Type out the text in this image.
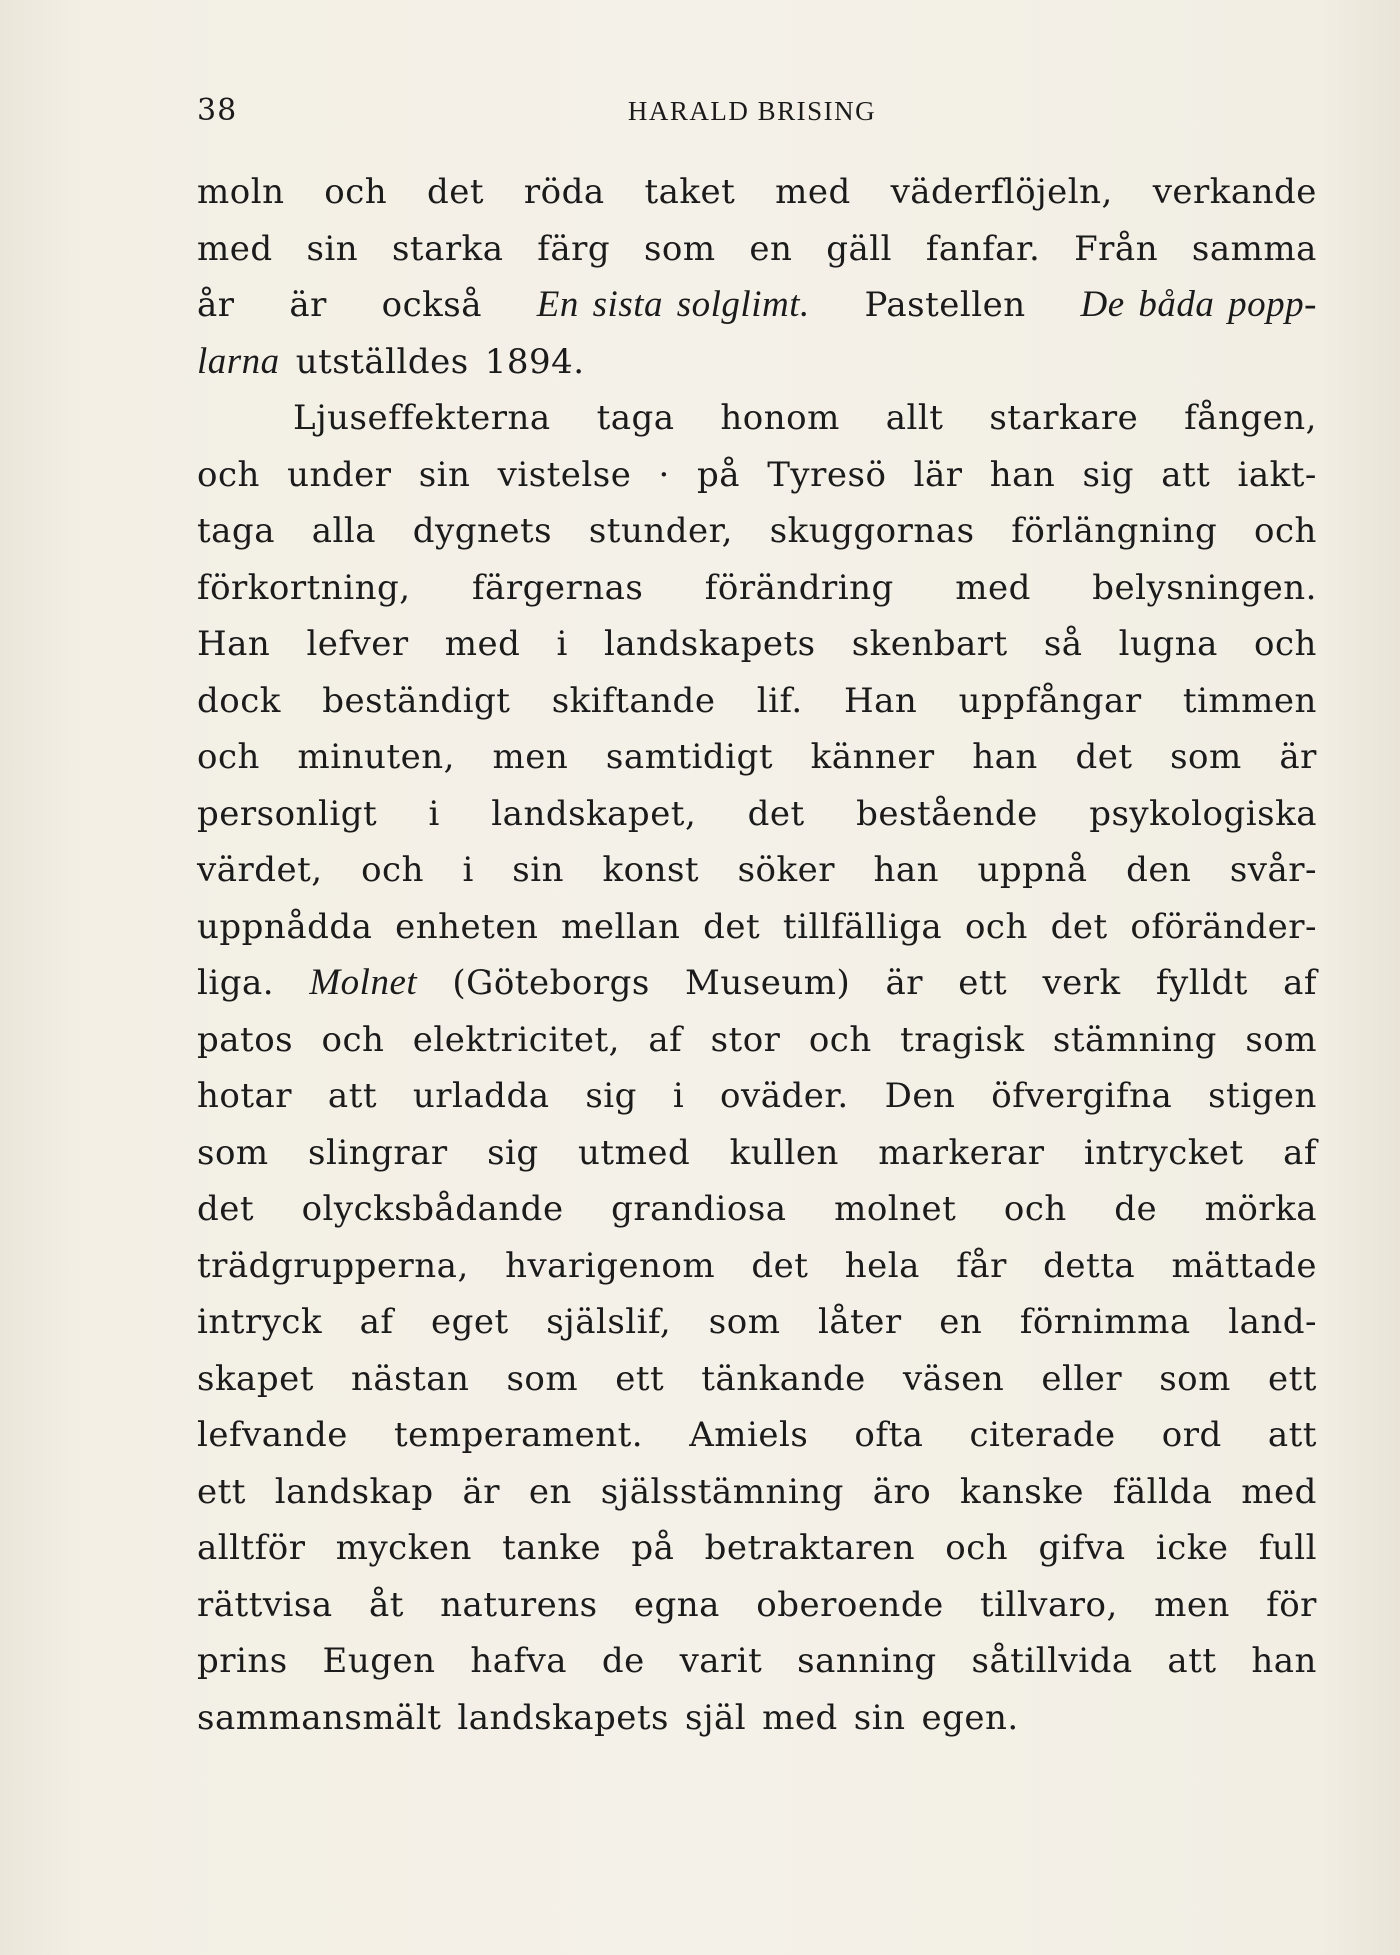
38	HARALD BRISING
moln och det röda taket med väderflöjeln, verkande
med sin starka färg som en gäll fanfar. Från samma
år är också En sista solglimt. Pastellen De båda popp-
larna utställdes 1894.
Ljuseffekterna taga honom allt starkare fången,
och under sin vistelse · på Tyresö lär han sig att iakt-
taga alla dygnets stunder, skuggornas förlängning och
förkortning, färgernas förändring med belysningen.
Han lefver med i landskapets skenbart så lugna och
dock beständigt skiftande lif. Han uppfångar timmen
och minuten, men samtidigt känner han det som är
personligt i landskapet, det bestående psykologiska
värdet, och i sin konst söker han uppnå den svår-
uppnådda enheten mellan det tillfälliga och det oföränder-
liga. Molnet (Göteborgs Museum) är ett verk fylldt af
patos och elektricitet, af stor och tragisk stämning som
hotar att urladda sig i oväder. Den öfvergifna stigen
som slingrar sig utmed kullen markerar intrycket af
det olycksbådande grandiosa molnet och de mörka
trädgrupperna, hvarigenom det hela får detta mättade
intryck af eget själslif, som låter en förnimma land-
skapet nästan som ett tänkande väsen eller som ett
lefvande temperament. Amiels ofta citerade ord att
ett landskap är en själsstämning äro kanske fällda med
alltför mycken tanke på betraktaren och gifva icke full
rättvisa åt naturens egna oberoende tillvaro, men för
prins Eugen hafva de varit sanning såtillvida att han
sammansmält landskapets själ med sin egen.
